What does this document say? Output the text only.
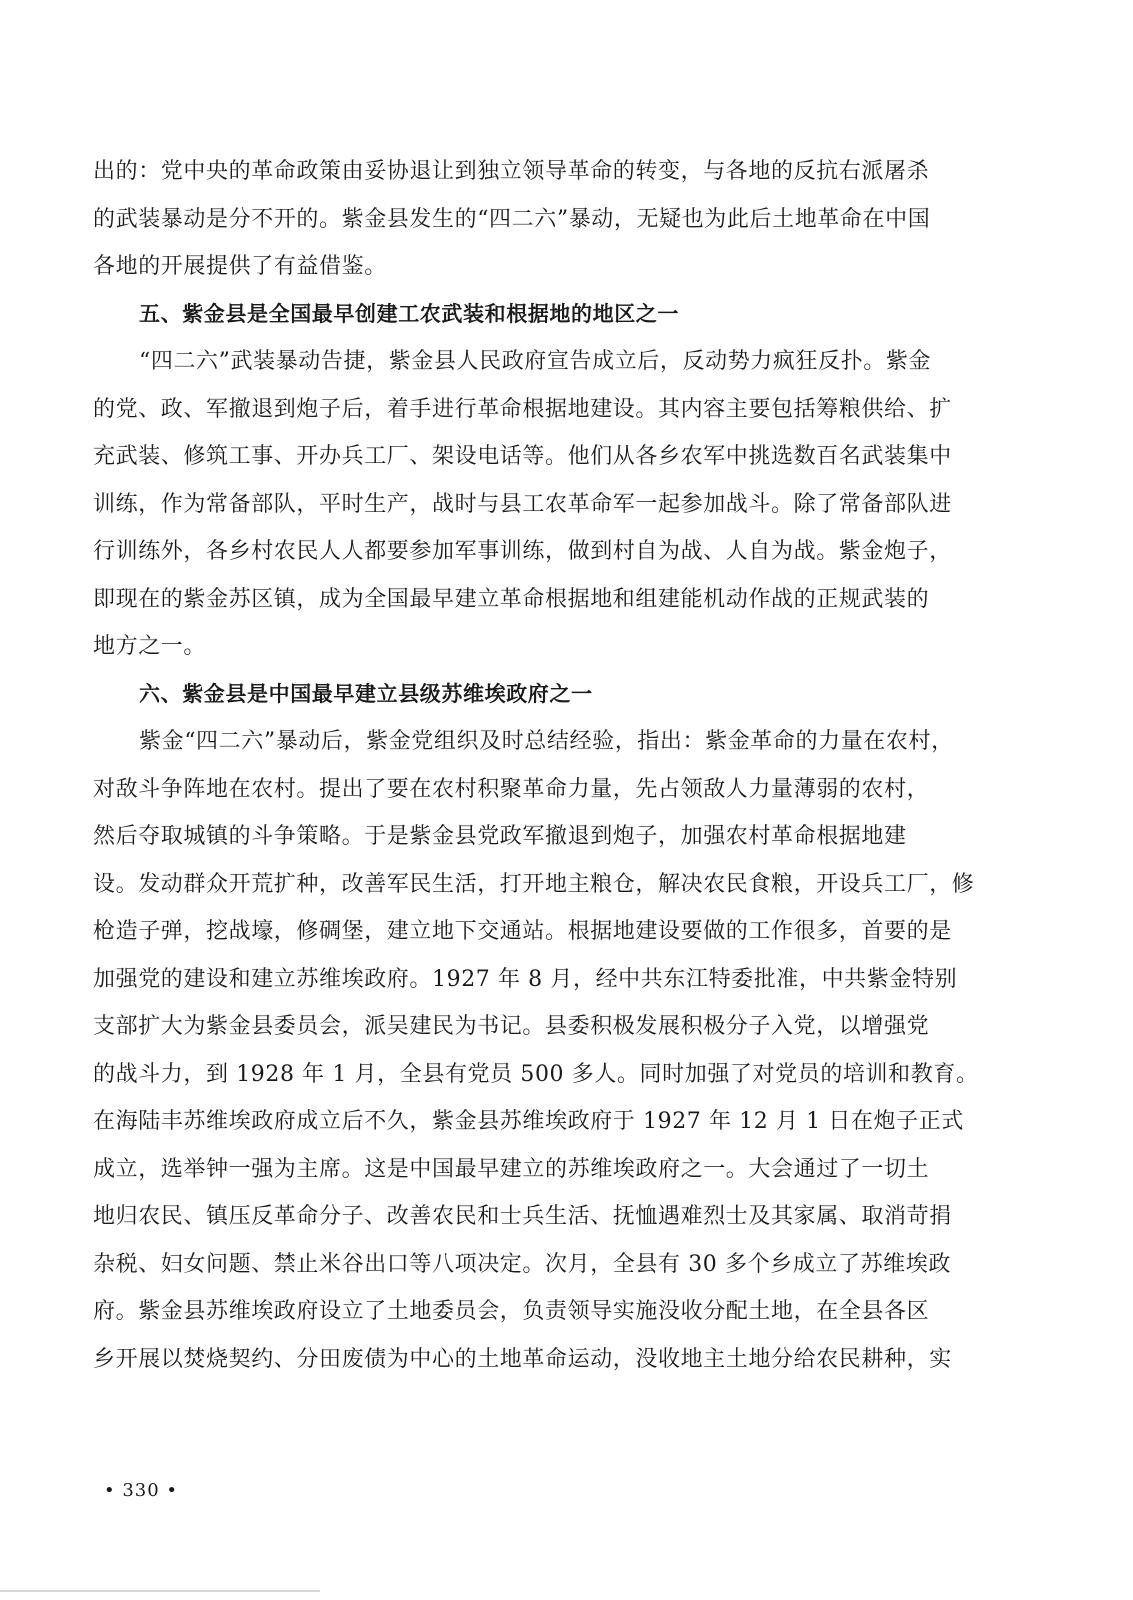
出的：党中央的革命政策由妥协退让到独立领导革命的转变，与各地的反抗右派屠杀
的武装暴动是分不开的。紫金县发生的“四二六”暴动，无疑也为此后土地革命在中国
各地的开展提供了有益借鉴。
五、紫金县是全国最早创建工农武装和根据地的地区之一
“四二六”武装暴动告捷，紫金县人民政府宣告成立后，反动势力疯狂反扑。紫金
的党、政、军撤退到炮子后，着手进行革命根据地建设。其内容主要包括筹粮供给、扩
充武装、修筑工事、开办兵工厂、架设电话等。他们从各乡农军中挑选数百名武装集中
训练，作为常备部队，平时生产，战时与县工农革命军一起参加战斗。除了常备部队进
行训练外，各乡村农民人人都要参加军事训练，做到村自为战、人自为战。紫金炮子，
即现在的紫金苏区镇，成为全国最早建立革命根据地和组建能机动作战的正规武装的
地方之一。
六、紫金县是中国最早建立县级苏维埃政府之一
紫金“四二六”暴动后，紫金党组织及时总结经验，指出：紫金革命的力量在农村，
对敌斗争阵地在农村。提出了要在农村积聚革命力量，先占领敌人力量薄弱的农村，
然后夺取城镇的斗争策略。于是紫金县党政军撤退到炮子，加强农村革命根据地建
设。发动群众开荒扩种，改善军民生活，打开地主粮仓，解决农民食粮，开设兵工厂，修
枪造子弹，挖战壕，修碉堡，建立地下交通站。根据地建设要做的工作很多，首要的是
加强党的建设和建立苏维埃政府。1927 年 8 月，经中共东江特委批准，中共紫金特别
支部扩大为紫金县委员会，派吴建民为书记。县委积极发展积极分子入党，以增强党
的战斗力，到 1928 年 1 月，全县有党员 500 多人。同时加强了对党员的培训和教育。
在海陆丰苏维埃政府成立后不久，紫金县苏维埃政府于 1927 年 12 月 1 日在炮子正式
成立，选举钟一强为主席。这是中国最早建立的苏维埃政府之一。大会通过了一切土
地归农民、镇压反革命分子、改善农民和士兵生活、抚恤遇难烈士及其家属、取消苛捐
杂税、妇女问题、禁止米谷出口等八项决定。次月，全县有 30 多个乡成立了苏维埃政
府。紫金县苏维埃政府设立了土地委员会，负责领导实施没收分配土地，在全县各区
乡开展以焚烧契约、分田废债为中心的土地革命运动，没收地主土地分给农民耕种，实
• 330 •
